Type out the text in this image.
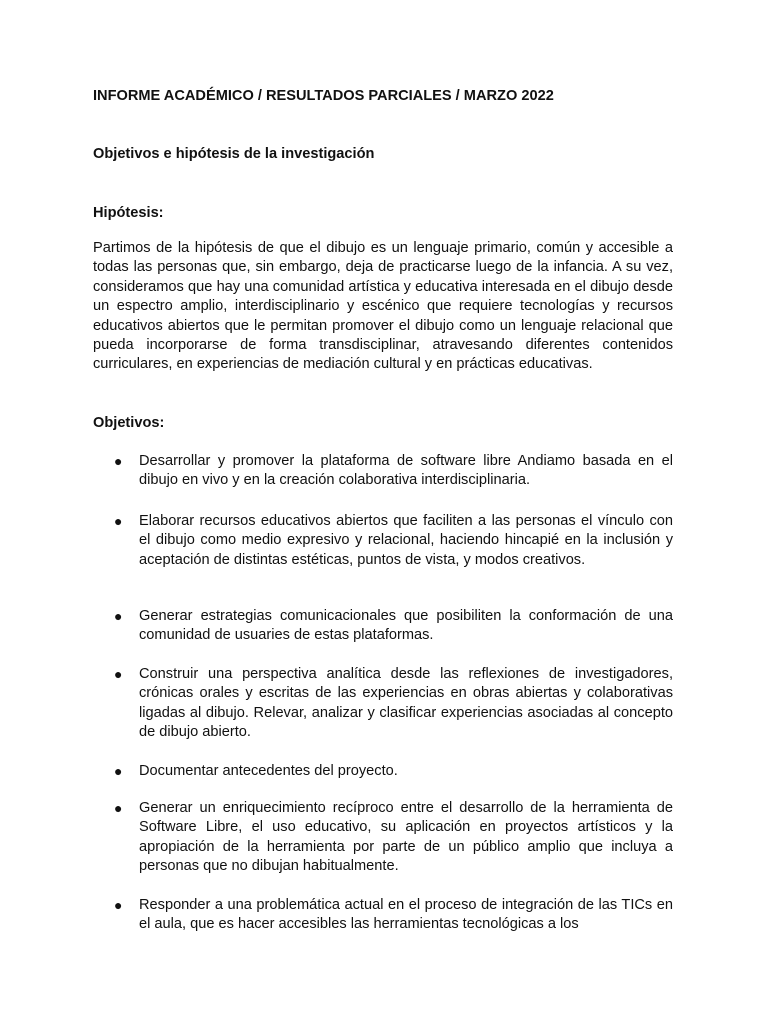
INFORME ACADÉMICO / RESULTADOS PARCIALES / MARZO 2022
Objetivos e hipótesis de la investigación
Hipótesis:

Partimos de la hipótesis de que el dibujo es un lenguaje primario, común y accesible a todas las personas que, sin embargo, deja de practicarse luego de la infancia. A su vez, consideramos que hay una comunidad artística y educativa interesada en el dibujo desde un espectro amplio, interdisciplinario y escénico que requiere tecnologías y recursos educativos abiertos que le permitan promover el dibujo como un lenguaje relacional que pueda incorporarse de forma transdisciplinar, atravesando diferentes contenidos curriculares, en experiencias de mediación cultural y en prácticas educativas.

Objetivos:
● Desarrollar y promover la plataforma de software libre Andiamo basada en el dibujo en vivo y en la creación colaborativa interdisciplinaria.

● Elaborar recursos educativos abiertos que faciliten a las personas el vínculo con el dibujo como medio expresivo y relacional, haciendo hincapié en la inclusión y aceptación de distintas estéticas, puntos de vista, y modos creativos.

● Generar estrategias comunicacionales que posibiliten la conformación de una comunidad de usuaries de estas plataformas.

● Construir una perspectiva analítica desde las reflexiones de investigadores, crónicas orales y escritas de las experiencias en obras abiertas y colaborativas ligadas al dibujo. Relevar, analizar y clasificar experiencias asociadas al concepto de dibujo abierto.

● Documentar antecedentes del proyecto.

● Generar un enriquecimiento recíproco entre el desarrollo de la herramienta de Software Libre, el uso educativo, su aplicación en proyectos artísticos y la apropiación de la herramienta por parte de un público amplio que incluya a personas que no dibujan habitualmente.

● Responder a una problemática actual en el proceso de integración de las TICs en el aula, que es hacer accesibles las herramientas tecnológicas a los
